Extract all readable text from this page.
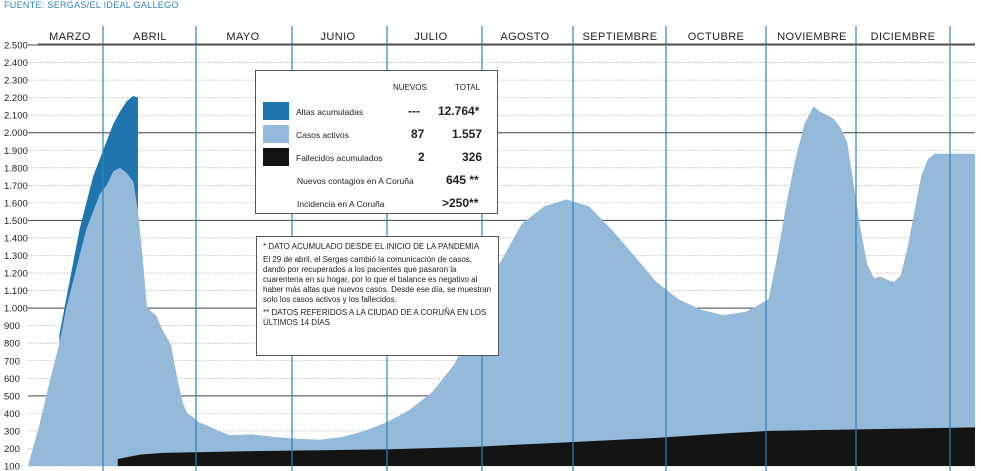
FUENTE: SERGAS/EL IDEAL GALLEGO
2.500
2.400
2.300
2.200
2.100
2.000
1.900
1.800
1.700
1.600
1.500
1.400
1.300
1.200
1.100
1.000
900
800
700
600
500
400
300
200
100
MARZO	ABRIL	MAYO	JUNIO	JULIO	AGOSTO	SEPTIEMBRE	OCTUBRE	NOVIEMBRE DICIEMBRE
NUEVOS	TOTAL
Altas acumuladas	--- 12.764*
Casos activos	87 1.557
Fallecidos acumulados	2	326
Nuevos contagios en A Coruña	645 **
Incidencia en A Coruña	>250**

* DATO ACUMULADO DESDE EL INICIO DE LA PANDEMIA

El 29 de abril, el Sergas cambió la comunicación de casos, dando por recuperados a los pacientes que pasaron la cuarentena en su hogar, por lo que el balance es negativo al haber más altas que nuevos casos. Desde ese día, se muestran solo los casos activos y los fallecidos.

** DATOS REFERIDOS A LA CIUDAD DE A CORUÑA EN LOS ÚLTIMOS 14 DÍAS
